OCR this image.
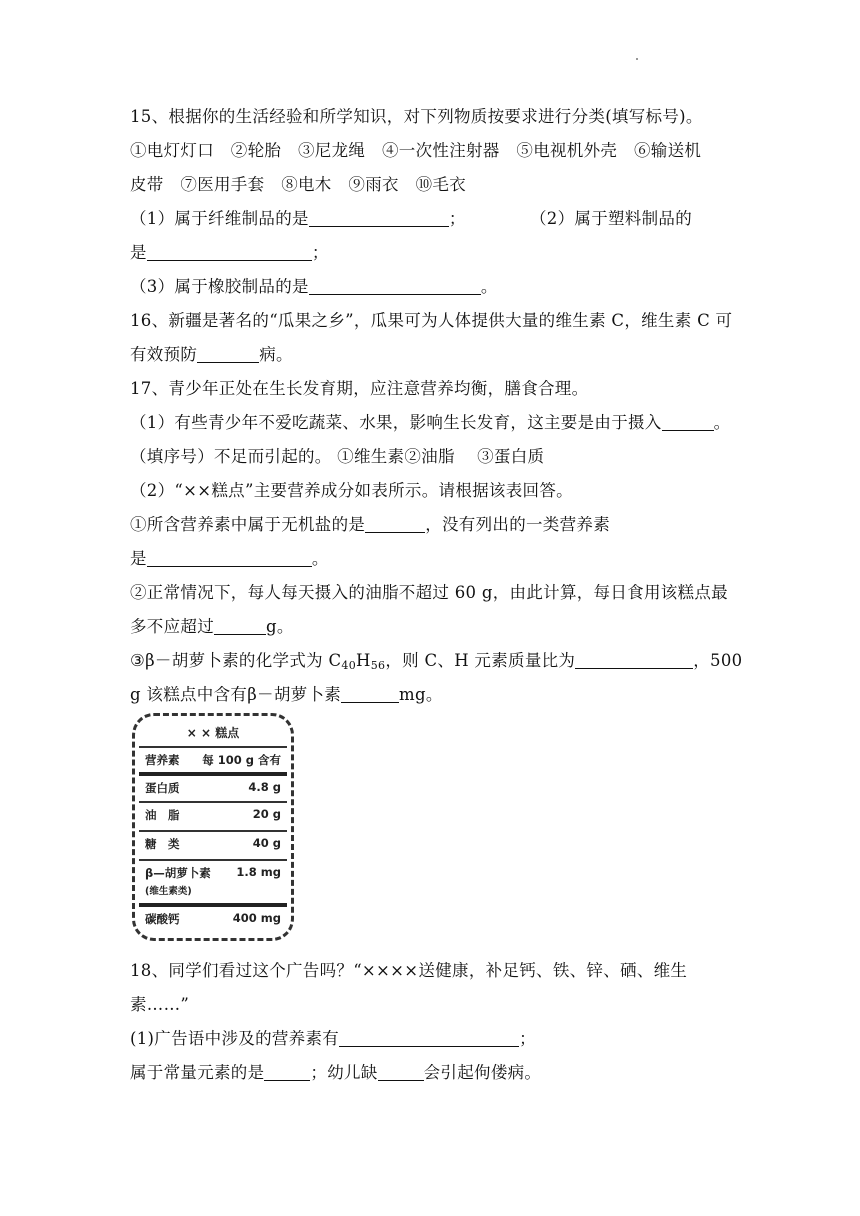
15、根据你的生活经验和所学知识，对下列物质按要求进行分类(填写标号)。
①电灯灯口　②轮胎　③尼龙绳　④一次性注射器　⑤电视机外壳　⑥输送机
皮带　⑦医用手套　⑧电木　⑨雨衣　⑩毛衣
（1）属于纤维制品的是	；	（2）属于塑料制品的
是	；
（3）属于橡胶制品的是	。
16、新疆是著名的“瓜果之乡”，瓜果可为人体提供大量的维生素 C，维生素 C 可
有效预防	病。
17、青少年正处在生长发育期，应注意营养均衡，膳食合理。
（1）有些青少年不爱吃蔬菜、水果，影响生长发育，这主要是由于摄入	。
（填序号）不足而引起的。 ①维生素②油脂　 ③蛋白质
（2）“××糕点”主要营养成分如表所示。请根据该表回答。
①所含营养素中属于无机盐的是	，没有列出的一类营养素
是	。
②正常情况下，每人每天摄入的油脂不超过 60 g，由此计算，每日食用该糕点最
多不应超过	g。
③β－胡萝卜素的化学式为 $C_{40}H_{56}$，则 C、H 元素质量比为	，500
g 该糕点中含有β－胡萝卜素	mg。
× × 糕点
营养素 每 100 g 含有
蛋白质	4.8 g
油　脂	20 g
糖　类	40 g
β—胡萝卜素 1.8 mg
(维生素类)
碳酸钙	400 mg
18、同学们看过这个广告吗？“××××送健康，补足钙、铁、锌、硒、维生
素……”
(1)广告语中涉及的营养素有	；
属于常量元素的是	；幼儿缺	会引起佝偻病。
